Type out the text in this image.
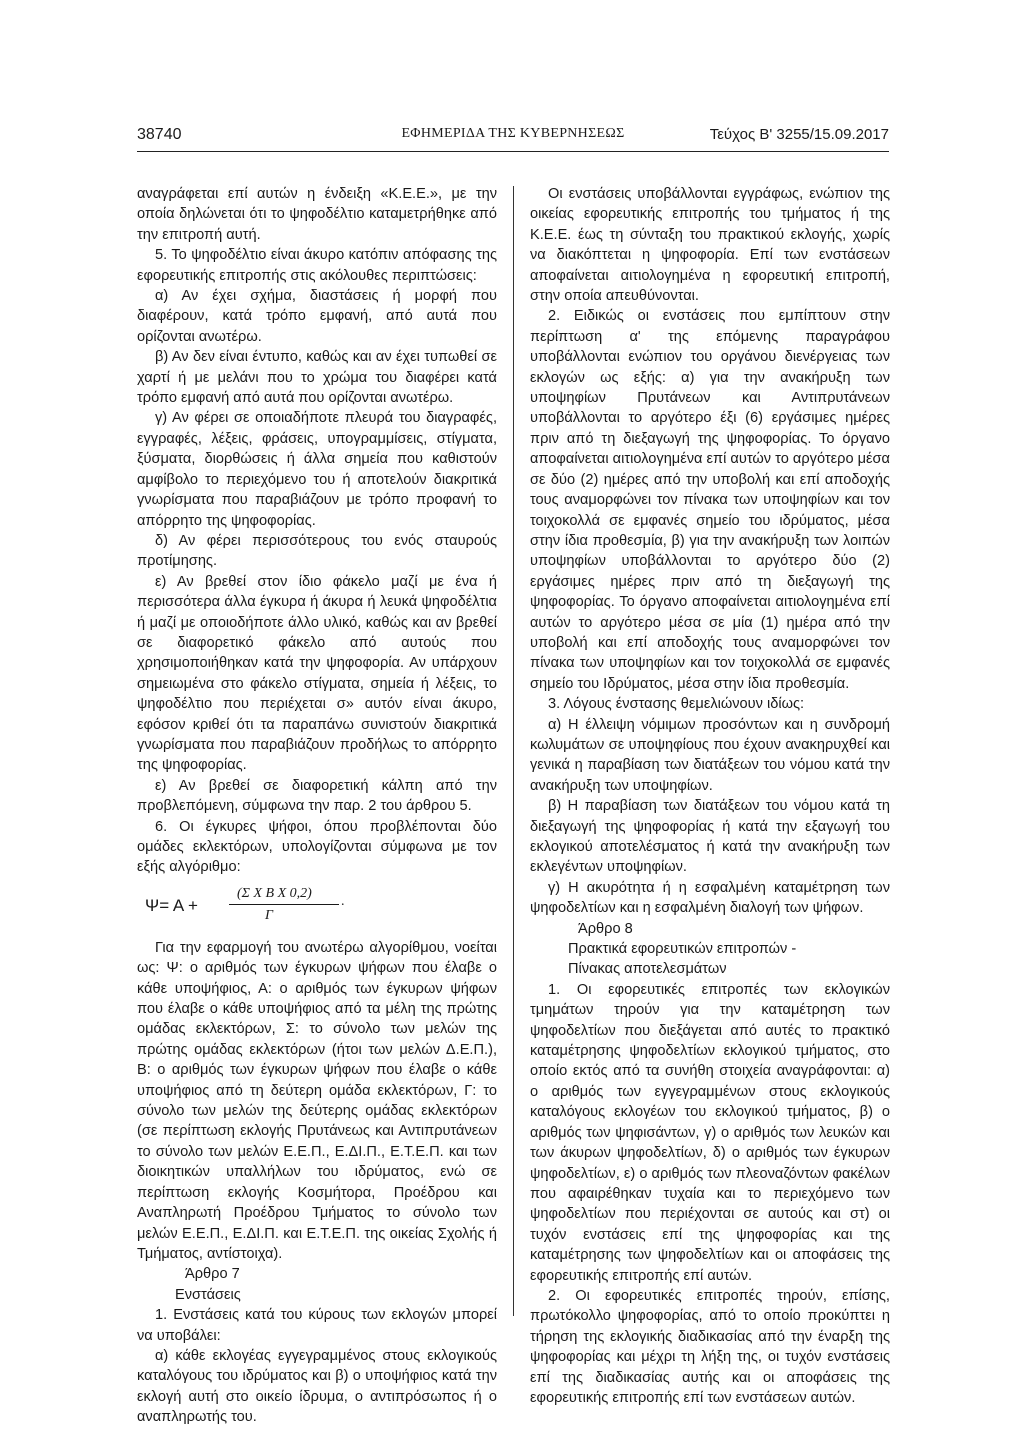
38740	ΕΦΗΜΕΡΙΔΑ ΤΗΣ ΚΥΒΕΡΝΗΣΕΩΣ	Τεύχος Β' 3255/15.09.2017

αναγράφεται επί αυτών η ένδειξη «Κ.Ε.Ε.», με την οποία δηλώνεται ότι το ψηφοδέλτιο καταμετρήθηκε από την επιτροπή αυτή.

5. Το ψηφοδέλτιο είναι άκυρο κατόπιν απόφασης της εφορευτικής επιτροπής στις ακόλουθες περιπτώσεις:

α) Αν έχει σχήμα, διαστάσεις ή μορφή που διαφέρουν, κατά τρόπο εμφανή, από αυτά που ορίζονται ανωτέρω.

β) Αν δεν είναι έντυπο, καθώς και αν έχει τυπωθεί σε χαρτί ή με μελάνι που το χρώμα του διαφέρει κατά τρόπο εμφανή από αυτά που ορίζονται ανωτέρω.

γ) Αν φέρει σε οποιαδήποτε πλευρά του διαγραφές, εγγραφές, λέξεις, φράσεις, υπογραμμίσεις, στίγματα, ξύσματα, διορθώσεις ή άλλα σημεία που καθιστούν αμφίβολο το περιεχόμενο του ή αποτελούν διακριτικά γνωρίσματα που παραβιάζουν με τρόπο προφανή το απόρρητο της ψηφοφορίας.

δ) Αν φέρει περισσότερους του ενός σταυρούς προτίμησης.

ε) Αν βρεθεί στον ίδιο φάκελο μαζί με ένα ή περισσότερα άλλα έγκυρα ή άκυρα ή λευκά ψηφοδέλτια ή μαζί με οποιοδήποτε άλλο υλικό, καθώς και αν βρεθεί σε διαφορετικό φάκελο από αυτούς που χρησιμοποιήθηκαν κατά την ψηφοφορία. Αν υπάρχουν σημειωμένα στο φάκελο στίγματα, σημεία ή λέξεις, το ψηφοδέλτιο που περιέχεται σ» αυτόν είναι άκυρο, εφόσον κριθεί ότι τα παραπάνω συνιστούν διακριτικά γνωρίσματα που παραβιάζουν προδήλως το απόρρητο της ψηφοφορίας.

ε) Αν βρεθεί σε διαφορετική κάλπη από την προβλεπόμενη, σύμφωνα την παρ. 2 του άρθρου 5.

6. Οι έγκυρες ψήφοι, όπου προβλέπονται δύο ομάδες εκλεκτόρων, υπολογίζονται σύμφωνα με τον εξής αλγόριθμο:

Ψ= Α +
(Σ Χ Β Χ 0,2)
Γ
.

Για την εφαρμογή του ανωτέρω αλγορίθμου, νοείται ως: Ψ: ο αριθμός των έγκυρων ψήφων που έλαβε ο κάθε υποψήφιος, Α: ο αριθμός των έγκυρων ψήφων που έλαβε ο κάθε υποψήφιος από τα μέλη της πρώτης ομάδας εκλεκτόρων, Σ: το σύνολο των μελών της πρώτης ομάδας εκλεκτόρων (ήτοι των μελών Δ.Ε.Π.), Β: ο αριθμός των έγκυρων ψήφων που έλαβε ο κάθε υποψήφιος από τη δεύτερη ομάδα εκλεκτόρων, Γ: το σύνολο των μελών της δεύτερης ομάδας εκλεκτόρων (σε περίπτωση εκλογής Πρυτάνεως και Αντιπρυτάνεων το σύνολο των μελών Ε.Ε.Π., Ε.ΔΙ.Π., Ε.Τ.Ε.Π. και των διοικητικών υπαλλήλων του ιδρύματος, ενώ σε περίπτωση εκλογής Κοσμήτορα, Προέδρου και Αναπληρωτή Προέδρου Τμήματος το σύνολο των μελών Ε.Ε.Π., Ε.ΔΙ.Π. και Ε.Τ.Ε.Π. της οικείας Σχολής ή Τμήματος, αντίστοιχα).

Άρθρο 7

Ενστάσεις

1. Ενστάσεις κατά του κύρους των εκλογών μπορεί να υποβάλει:

α) κάθε εκλογέας εγγεγραμμένος στους εκλογικούς καταλόγους του ιδρύματος και β) ο υποψήφιος κατά την εκλογή αυτή στο οικείο ίδρυμα, ο αντιπρόσωπος ή ο αναπληρωτής του.

Οι ενστάσεις υποβάλλονται εγγράφως, ενώπιον της οικείας εφορευτικής επιτροπής του τμήματος ή της Κ.Ε.Ε. έως τη σύνταξη του πρακτικού εκλογής, χωρίς να διακόπτεται η ψηφοφορία. Επί των ενστάσεων αποφαίνεται αιτιολογημένα η εφορευτική επιτροπή, στην οποία απευθύνονται.

2. Ειδικώς οι ενστάσεις που εμπίπτουν στην περίπτωση α' της επόμενης παραγράφου υποβάλλονται ενώπιον του οργάνου διενέργειας των εκλογών ως εξής: α) για την ανακήρυξη των υποψηφίων Πρυτάνεων και Αντιπρυτάνεων υποβάλλονται το αργότερο έξι (6) εργάσιμες ημέρες πριν από τη διεξαγωγή της ψηφοφορίας. Το όργανο αποφαίνεται αιτιολογημένα επί αυτών το αργότερο μέσα σε δύο (2) ημέρες από την υποβολή και επί αποδοχής τους αναμορφώνει τον πίνακα των υποψηφίων και τον τοιχοκολλά σε εμφανές σημείο του ιδρύματος, μέσα στην ίδια προθεσμία, β) για την ανακήρυξη των λοιπών υποψηφίων υποβάλλονται το αργότερο δύο (2) εργάσιμες ημέρες πριν από τη διεξαγωγή της ψηφοφορίας. Το όργανο αποφαίνεται αιτιολογημένα επί αυτών το αργότερο μέσα σε μία (1) ημέρα από την υποβολή και επί αποδοχής τους αναμορφώνει τον πίνακα των υποψηφίων και τον τοιχοκολλά σε εμφανές σημείο του Ιδρύματος, μέσα στην ίδια προθεσμία.

3. Λόγους ένστασης θεμελιώνουν ιδίως:

α) Η έλλειψη νόμιμων προσόντων και η συνδρομή κωλυμάτων σε υποψηφίους που έχουν ανακηρυχθεί και γενικά η παραβίαση των διατάξεων του νόμου κατά την ανακήρυξη των υποψηφίων.

β) Η παραβίαση των διατάξεων του νόμου κατά τη διεξαγωγή της ψηφοφορίας ή κατά την εξαγωγή του εκλογικού αποτελέσματος ή κατά την ανακήρυξη των εκλεγέντων υποψηφίων.

γ) Η ακυρότητα ή η εσφαλμένη καταμέτρηση των ψηφοδελτίων και η εσφαλμένη διαλογή των ψήφων.

Άρθρο 8

Πρακτικά εφορευτικών επιτροπών -

Πίνακας αποτελεσμάτων

1. Οι εφορευτικές επιτροπές των εκλογικών τμημάτων τηρούν για την καταμέτρηση των ψηφοδελτίων που διεξάγεται από αυτές το πρακτικό καταμέτρησης ψηφοδελτίων εκλογικού τμήματος, στο οποίο εκτός από τα συνήθη στοιχεία αναγράφονται: α) ο αριθμός των εγγεγραμμένων στους εκλογικούς καταλόγους εκλογέων του εκλογικού τμήματος, β) ο αριθμός των ψηφισάντων, γ) ο αριθμός των λευκών και των άκυρων ψηφοδελτίων, δ) ο αριθμός των έγκυρων ψηφοδελτίων, ε) ο αριθμός των πλεοναζόντων φακέλων που αφαιρέθηκαν τυχαία και το περιεχόμενο των ψηφοδελτίων που περιέχονται σε αυτούς και στ) οι τυχόν ενστάσεις επί της ψηφοφορίας και της καταμέτρησης των ψηφοδελτίων και οι αποφάσεις της εφορευτικής επιτροπής επί αυτών.

2. Οι εφορευτικές επιτροπές τηρούν, επίσης, πρωτόκολλο ψηφοφορίας, από το οποίο προκύπτει η τήρηση της εκλογικής διαδικασίας από την έναρξη της ψηφοφορίας και μέχρι τη λήξη της, οι τυχόν ενστάσεις επί της διαδικασίας αυτής και οι αποφάσεις της εφορευτικής επιτροπής επί των ενστάσεων αυτών.
